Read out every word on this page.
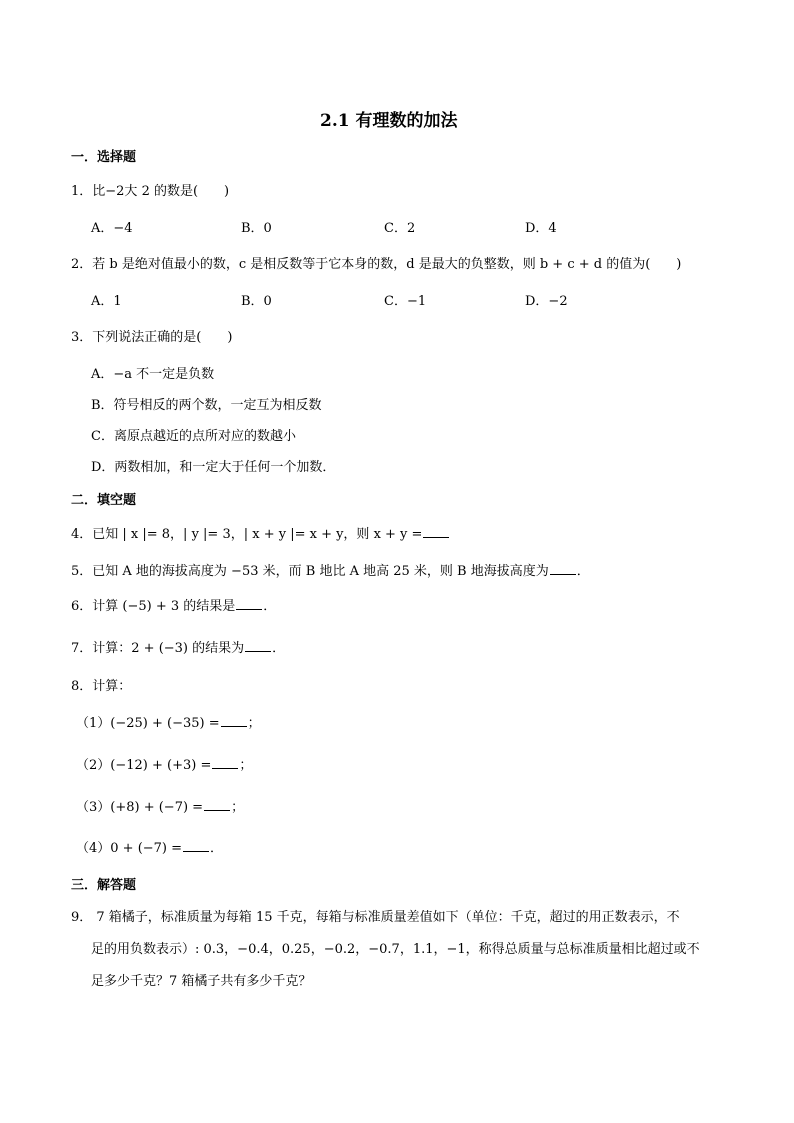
2.1 有理数的加法
一．选择题
1．比−2大 2 的数是(　　)
A．−4	B．0	C．2	D．4
2．若 b 是绝对值最小的数，c 是相反数等于它本身的数，d 是最大的负整数，则 b + c + d 的值为(　　)
A．1	B．0	C．−1	D．−2
3．下列说法正确的是(　　)
A．−a 不一定是负数
B．符号相反的两个数，一定互为相反数
C．离原点越近的点所对应的数越小
D．两数相加，和一定大于任何一个加数．
二．填空题
4．已知 | x |= 8，| y |= 3，| x + y |= x + y，则 x + y =
5．已知 A 地的海拔高度为 −53 米，而 B 地比 A 地高 25 米，则 B 地海拔高度为 ．
6．计算 (−5) + 3 的结果是 ．
7．计算：2 + (−3) 的结果为 ．
8．计算：
（1）(−25) + (−35) = ；
（2）(−12) + (+3) = ；
（3）(+8) + (−7) = ；
（4）0 + (−7) = ．
三．解答题
9． 7 箱橘子，标准质量为每箱 15 千克，每箱与标准质量差值如下（单位：千克，超过的用正数表示，不
足的用负数表示）: 0.3，−0.4，0.25，−0.2，−0.7，1.1，−1，称得总质量与总标准质量相比超过或不
足多少千克？7 箱橘子共有多少千克？
